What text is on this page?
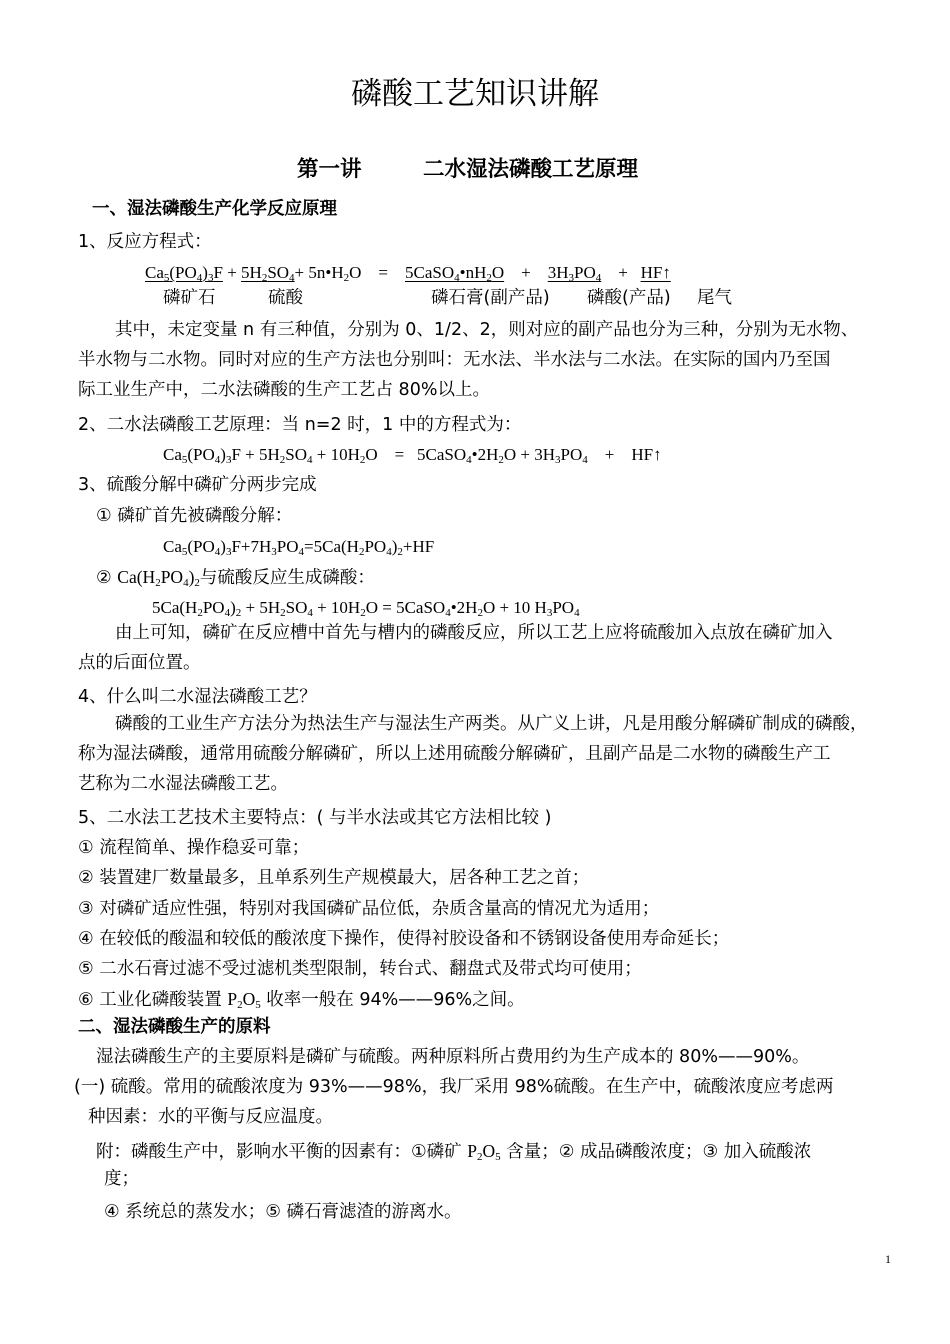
磷酸工艺知识讲解
第一讲	二水湿法磷酸工艺原理
一、湿法磷酸生产化学反应原理
1、反应方程式：
$Ca_5(PO_4)_3F + 5H_2SO_4+$ $5n•H_2O$    =    $5CaSO_4•nH_2O$    +    $3H_3PO_4$    +   HF↑
磷矿石	硫酸	磷石膏(副产品) 磷酸(产品) 尾气
其中，未定变量 n 有三种值，分别为 0、1/2、2，则对应的副产品也分为三种，分别为无水物、
半水物与二水物。同时对应的生产方法也分别叫：无水法、半水法与二水法。在实际的国内乃至国
际工业生产中，二水法磷酸的生产工艺占 80%以上。
2、二水法磷酸工艺原理：当 n=2 时，1 中的方程式为：
$Ca_5(PO_4)_3F + 5H_2SO_4 + 10H_2O$    =   $5CaSO_4•2H_2O + 3H_3PO_4$    +    HF↑
3、硫酸分解中磷矿分两步完成
① 磷矿首先被磷酸分解：
$Ca_5(PO_4)_3F+7H_3PO_4=5Ca(H_2PO_4)_2+HF$
② $Ca(H_2PO_4)_2$与硫酸反应生成磷酸：
$5Ca(H_2PO_4)_2 + 5H_2SO_4 + 10H_2O$ = $5CaSO_4•2H_2O + 10$ $H_3PO_4$
由上可知，磷矿在反应槽中首先与槽内的磷酸反应，所以工艺上应将硫酸加入点放在磷矿加入
点的后面位置。
4、什么叫二水湿法磷酸工艺？
磷酸的工业生产方法分为热法生产与湿法生产两类。从广义上讲，凡是用酸分解磷矿制成的磷酸，
称为湿法磷酸，通常用硫酸分解磷矿，所以上述用硫酸分解磷矿，且副产品是二水物的磷酸生产工
艺称为二水湿法磷酸工艺。
5、二水法工艺技术主要特点：( 与半水法或其它方法相比较 )
① 流程简单、操作稳妥可靠；
② 装置建厂数量最多，且单系列生产规模最大，居各种工艺之首；
③ 对磷矿适应性强，特别对我国磷矿品位低，杂质含量高的情况尤为适用；
④ 在较低的酸温和较低的酸浓度下操作，使得衬胶设备和不锈钢设备使用寿命延长；
⑤ 二水石膏过滤不受过滤机类型限制，转台式、翻盘式及带式均可使用；
⑥ 工业化磷酸装置 $P_2O_5$ 收率一般在 94%——96%之间。
二、湿法磷酸生产的原料
湿法磷酸生产的主要原料是磷矿与硫酸。两种原料所占费用约为生产成本的 80%——90%。
(一) 硫酸。常用的硫酸浓度为 93%——98%，我厂采用 98%硫酸。在生产中，硫酸浓度应考虑两
种因素：水的平衡与反应温度。
附：磷酸生产中，影响水平衡的因素有：①磷矿 $P_2O_5$ 含量；② 成品磷酸浓度；③ 加入硫酸浓
度；
④ 系统总的蒸发水；⑤ 磷石膏滤渣的游离水。
1
